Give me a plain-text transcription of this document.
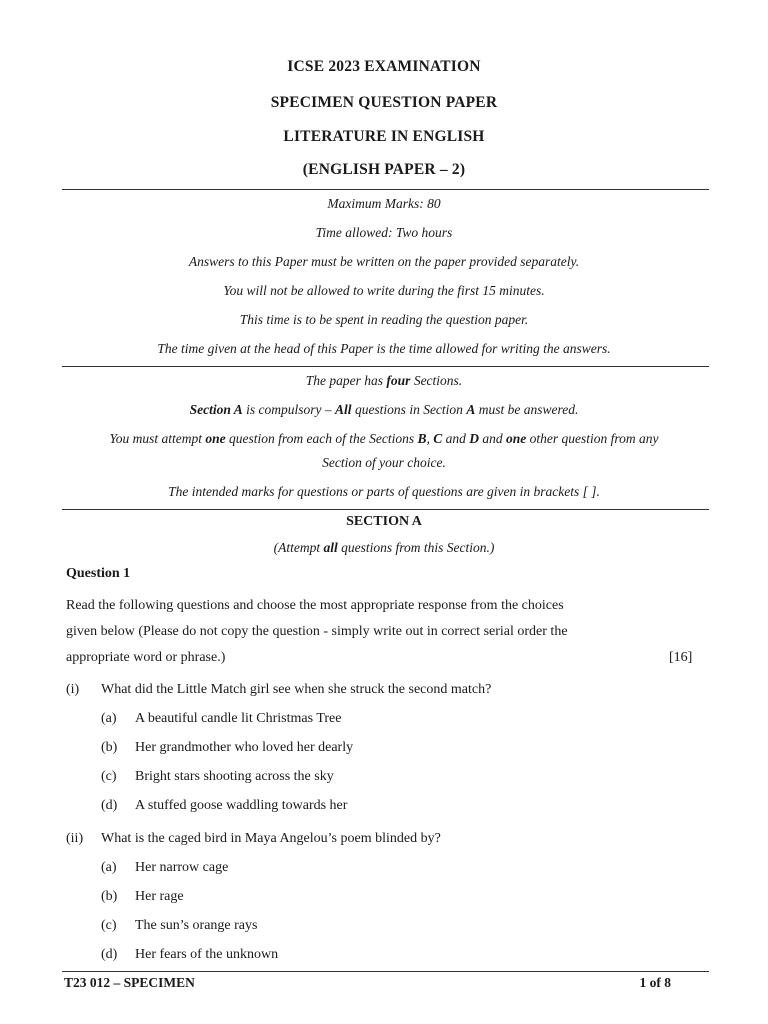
ICSE 2023 EXAMINATION
SPECIMEN QUESTION PAPER
LITERATURE IN ENGLISH
(ENGLISH PAPER – 2)
Maximum Marks: 80
Time allowed: Two hours
Answers to this Paper must be written on the paper provided separately.
You will not be allowed to write during the first 15 minutes.
This time is to be spent in reading the question paper.
The time given at the head of this Paper is the time allowed for writing the answers.
The paper has four Sections.
Section A is compulsory – All questions in Section A must be answered.
You must attempt one question from each of the Sections B, C and D and one other question from any
Section of your choice.
The intended marks for questions or parts of questions are given in brackets [ ].
SECTION A
(Attempt all questions from this Section.)
Question 1
Read the following questions and choose the most appropriate response from the choices
given below (Please do not copy the question - simply write out in correct serial order the
appropriate word or phrase.)	[16]
(i) What did the Little Match girl see when she struck the second match?
(a) A beautiful candle lit Christmas Tree
(b) Her grandmother who loved her dearly
(c) Bright stars shooting across the sky
(d) A stuffed goose waddling towards her
(ii) What is the caged bird in Maya Angelou’s poem blinded by?
(a) Her narrow cage
(b) Her rage
(c) The sun’s orange rays
(d) Her fears of the unknown
T23 012 – SPECIMEN	1 of 8
